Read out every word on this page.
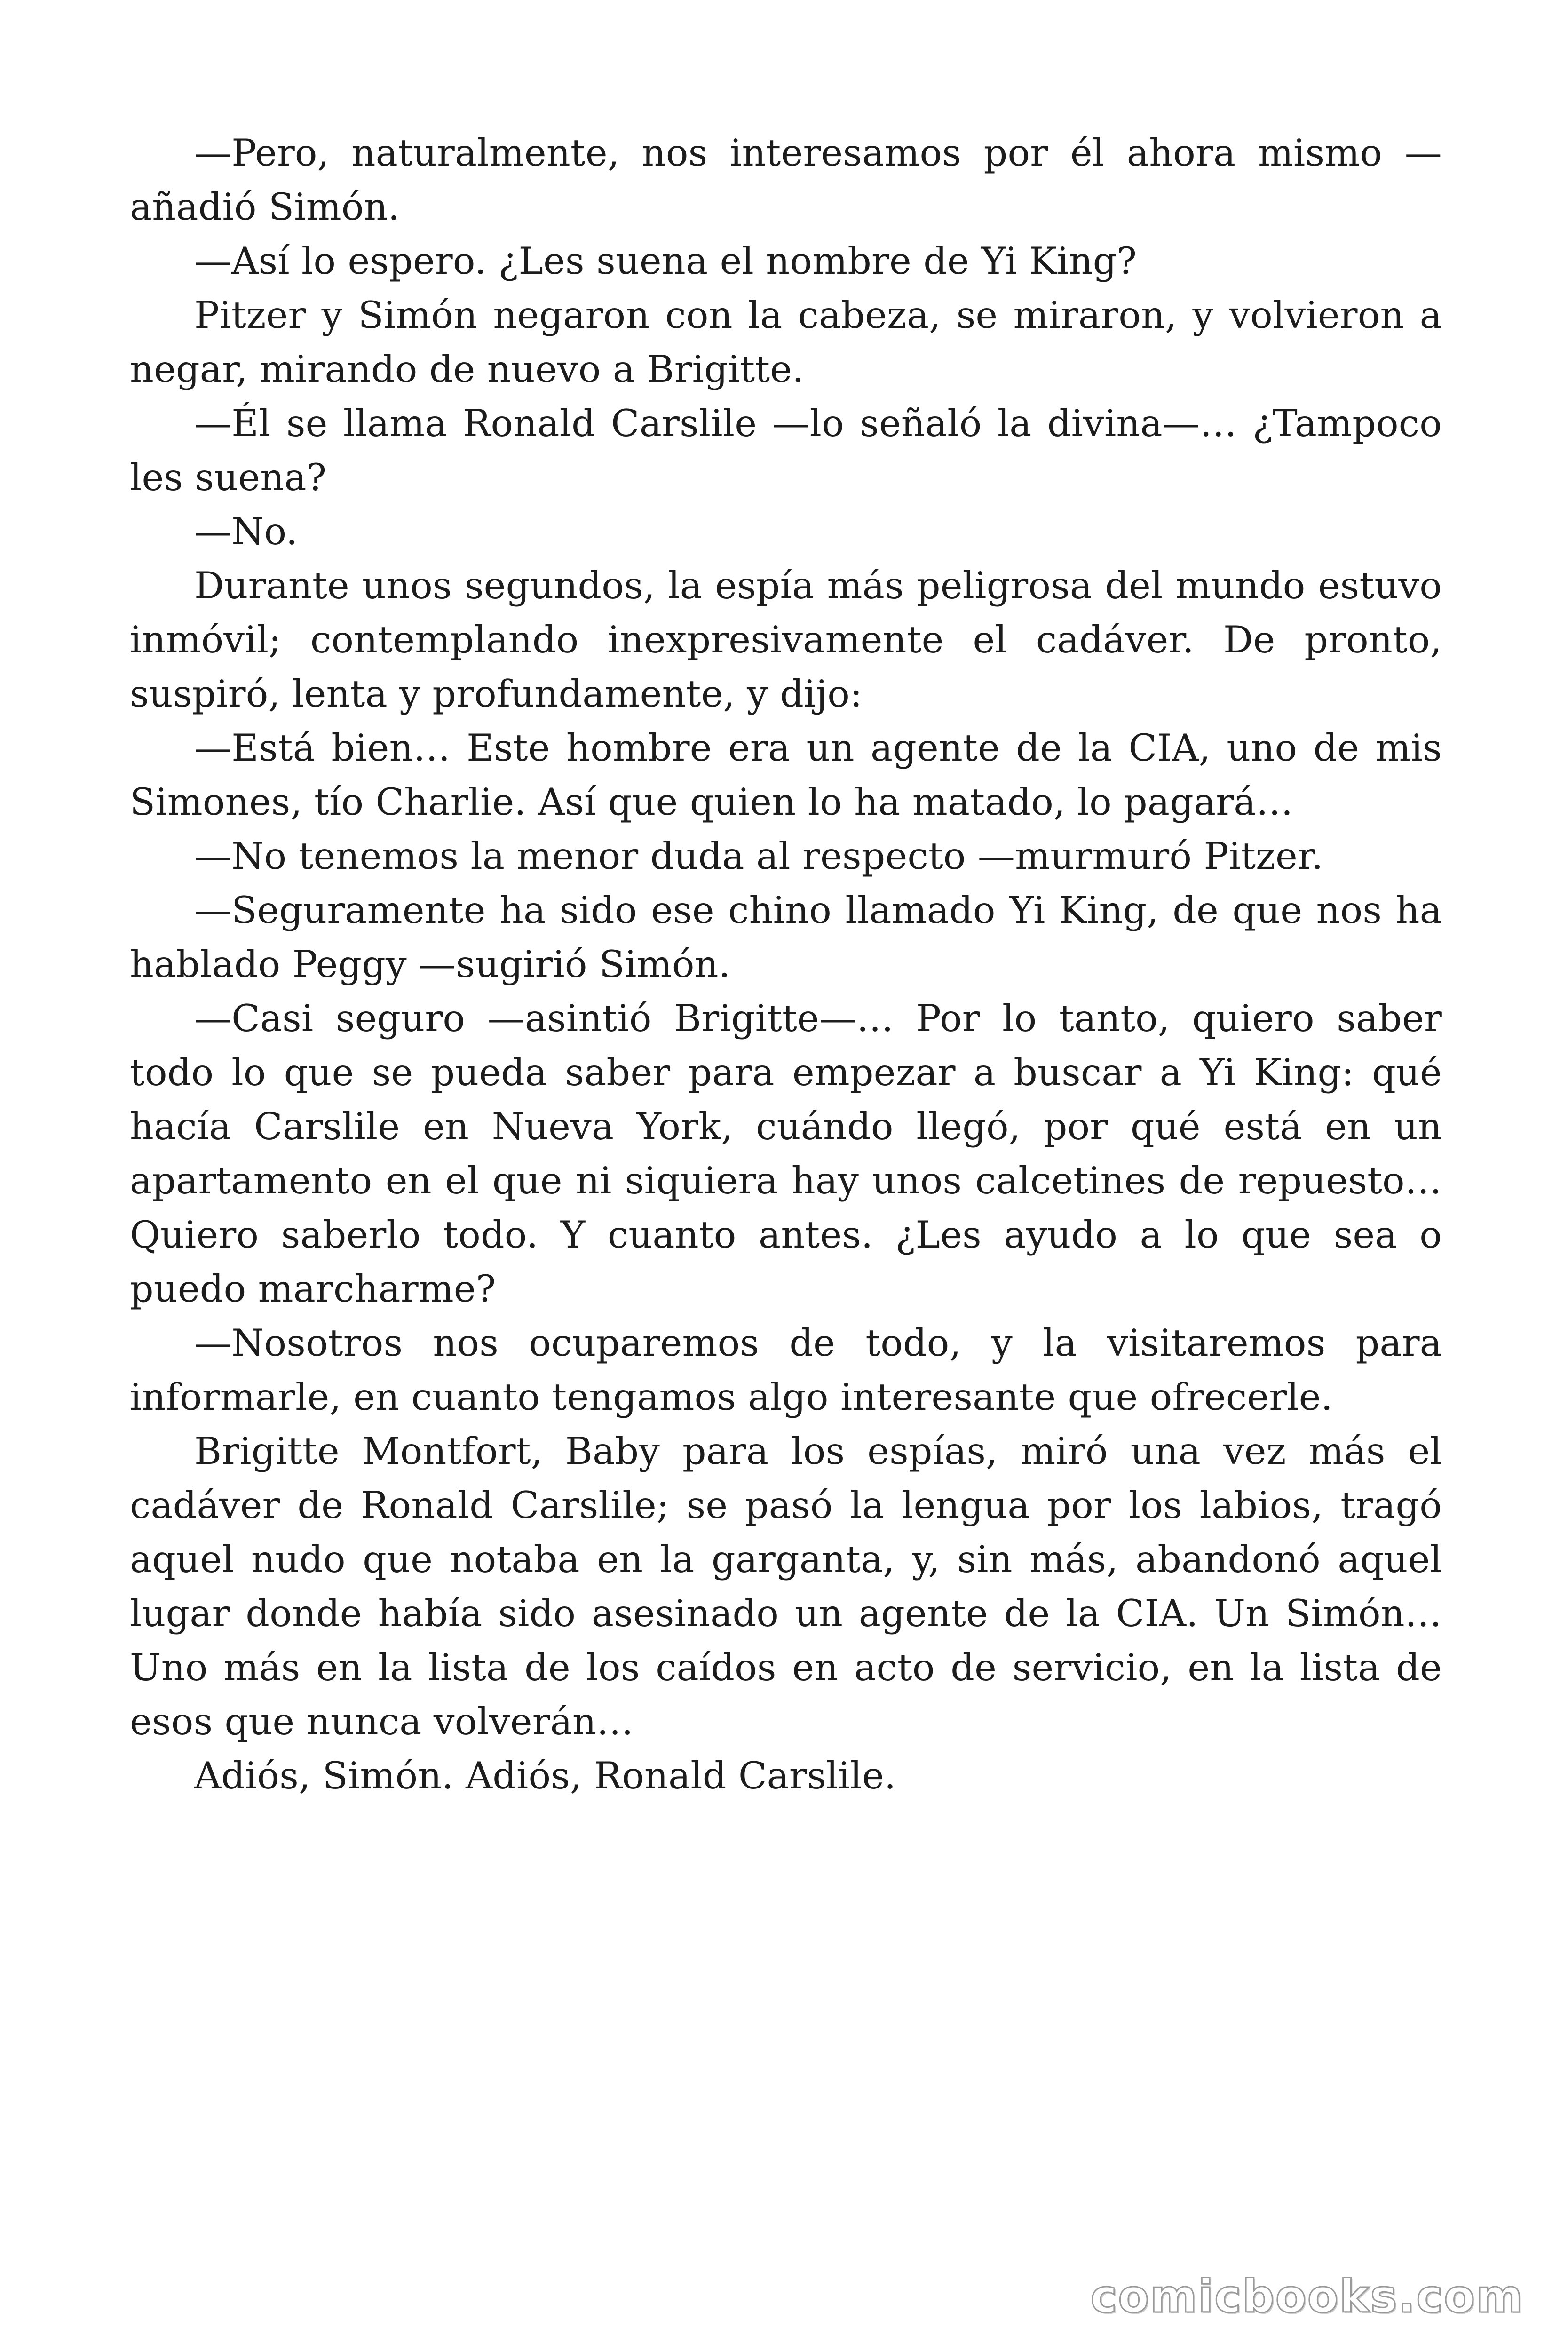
—Pero, naturalmente, nos interesamos por él ahora mismo —añadió Simón.

—Así lo espero. ¿Les suena el nombre de Yi King?

Pitzer y Simón negaron con la cabeza, se miraron, y volvieron a negar, mirando de nuevo a Brigitte.

—Él se llama Ronald Carslile —lo señaló la divina—… ¿Tampoco les suena?

—No.

Durante unos segundos, la espía más peligrosa del mundo estuvo inmóvil; contemplando inexpresivamente el cadáver. De pronto, suspiró, lenta y profundamente, y dijo:

—Está bien… Este hombre era un agente de la CIA, uno de mis Simones, tío Charlie. Así que quien lo ha matado, lo pagará…

—No tenemos la menor duda al respecto —murmuró Pitzer.

—Seguramente ha sido ese chino llamado Yi King, de que nos ha hablado Peggy —sugirió Simón.

—Casi seguro —asintió Brigitte—… Por lo tanto, quiero saber todo lo que se pueda saber para empezar a buscar a Yi King: qué hacía Carslile en Nueva York, cuándo llegó, por qué está en un apartamento en el que ni siquiera hay unos calcetines de repuesto… Quiero saberlo todo. Y cuanto antes. ¿Les ayudo a lo que sea o puedo marcharme?

—Nosotros nos ocuparemos de todo, y la visitaremos para informarle, en cuanto tengamos algo interesante que ofrecerle.

Brigitte Montfort, Baby para los espías, miró una vez más el cadáver de Ronald Carslile; se pasó la lengua por los labios, tragó aquel nudo que notaba en la garganta, y, sin más, abandonó aquel lugar donde había sido asesinado un agente de la CIA. Un Simón… Uno más en la lista de los caídos en acto de servicio, en la lista de esos que nunca volverán…

Adiós, Simón. Adiós, Ronald Carslile.

comicbooks.com
